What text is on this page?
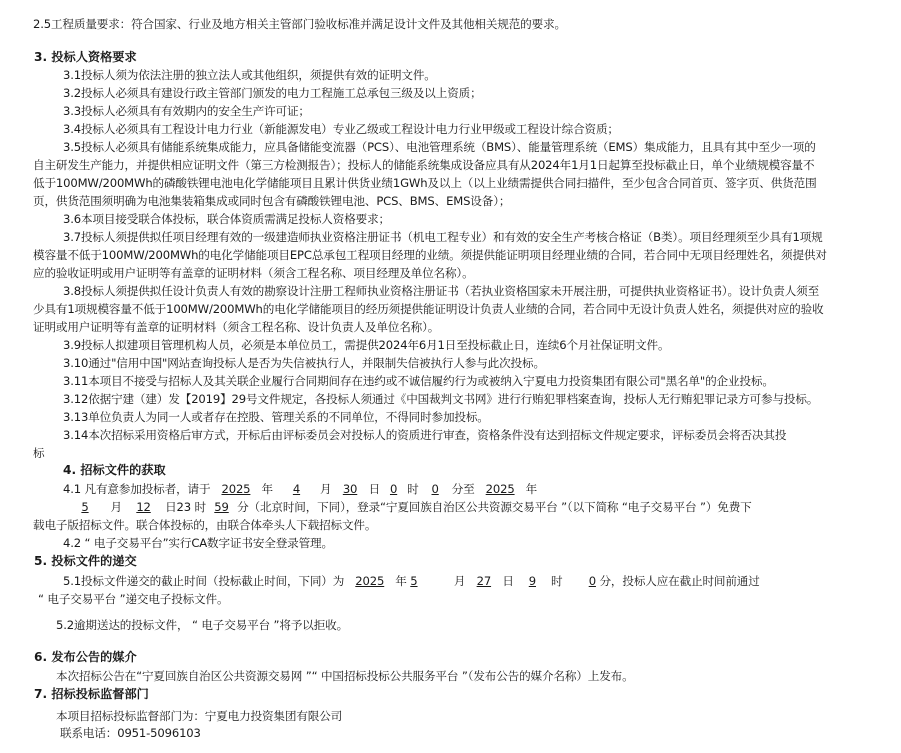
2.5工程质量要求：符合国家、行业及地方相关主管部门验收标准并满足设计文件及其他相关规范的要求。
3. 投标人资格要求
3.1投标人须为依法注册的独立法人或其他组织，须提供有效的证明文件。
3.2投标人必须具有建设行政主管部门颁发的电力工程施工总承包三级及以上资质；
3.3投标人必须具有有效期内的安全生产许可证；
3.4投标人必须具有工程设计电力行业（新能源发电）专业乙级或工程设计电力行业甲级或工程设计综合资质；
3.5投标人必须具有储能系统集成能力，应具备储能变流器（PCS）、电池管理系统（BMS）、能量管理系统（EMS）集成能力，且具有其中至少一项的
自主研发生产能力，并提供相应证明文件（第三方检测报告）；投标人的储能系统集成设备应具有从2024年1月1日起算至投标截止日，单个业绩规模容量不
低于100MW/200MWh的磷酸铁锂电池电化学储能项目且累计供货业绩1GWh及以上（以上业绩需提供合同扫描件，至少包含合同首页、签字页、供货范围
页，供货范围须明确为电池集装箱集成或同时包含有磷酸铁锂电池、PCS、BMS、EMS设备）；
3.6本项目接受联合体投标，联合体资质需满足投标人资格要求；
3.7投标人须提供拟任项目经理有效的一级建造师执业资格注册证书（机电工程专业）和有效的安全生产考核合格证（B类）。项目经理须至少具有1项规
模容量不低于100MW/200MWh的电化学储能项目EPC总承包工程项目经理的业绩。须提供能证明项目经理业绩的合同，若合同中无项目经理姓名，须提供对
应的验收证明或用户证明等有盖章的证明材料（须含工程名称、项目经理及单位名称）。
3.8投标人须提供拟任设计负责人有效的勘察设计注册工程师执业资格注册证书（若执业资格国家未开展注册，可提供执业资格证书）。设计负责人须至
少具有1项规模容量不低于100MW/200MWh的电化学储能项目的经历须提供能证明设计负责人业绩的合同，若合同中无设计负责人姓名，须提供对应的验收
证明或用户证明等有盖章的证明材料（须含工程名称、设计负责人及单位名称）。
3.9投标人拟建项目管理机构人员，必须是本单位员工，需提供2024年6月1日至投标截止日，连续6个月社保证明文件。
3.10通过"信用中国"网站查询投标人是否为失信被执行人，并限制失信被执行人参与此次投标。
3.11本项目不接受与招标人及其关联企业履行合同期间存在违约或不诚信履约行为或被纳入宁夏电力投资集团有限公司"黑名单"的企业投标。
3.12依据宁建（建）发【2019】29号文件规定，各投标人须通过《中国裁判文书网》进行行贿犯罪档案查询，投标人无行贿犯罪记录方可参与投标。
3.13单位负责人为同一人或者存在控股、管理关系的不同单位，不得同时参加投标。
3.14本次招标采用资格后审方式，开标后由评标委员会对投标人的资质进行审查，资格条件没有达到招标文件规定要求，评标委员会将否决其投
标
4. 招标文件的获取
4.1 凡有意参加投标者，请于 2025 年 4 月 30 日 0 时 0 分至 2025 年
5 月 12 日23 时 59 分（北京时间，下同），登录“宁夏回族自治区公共资源交易平台 ”（以下简称 “电子交易平台 ”）免费下
载电子版招标文件。联合体投标的，由联合体牵头人下载招标文件。
4.2 “ 电子交易平台”实行CA数字证书安全登录管理。
5. 投标文件的递交
5.1投标文件递交的截止时间（投标截止时间，下同）为 2025 年 5	月 27 日 9 时 0 分，投标人应在截止时间前通过
“ 电子交易平台 ”递交电子投标文件。
5.2逾期送达的投标文件， “ 电子交易平台 ”将予以拒收。
6. 发布公告的媒介
本次招标公告在“宁夏回族自治区公共资源交易网 ”“ 中国招标投标公共服务平台 ”（发布公告的媒介名称）上发布。
7. 招标投标监督部门
本项目招标投标监督部门为：宁夏电力投资集团有限公司
联系电话：0951-5096103
